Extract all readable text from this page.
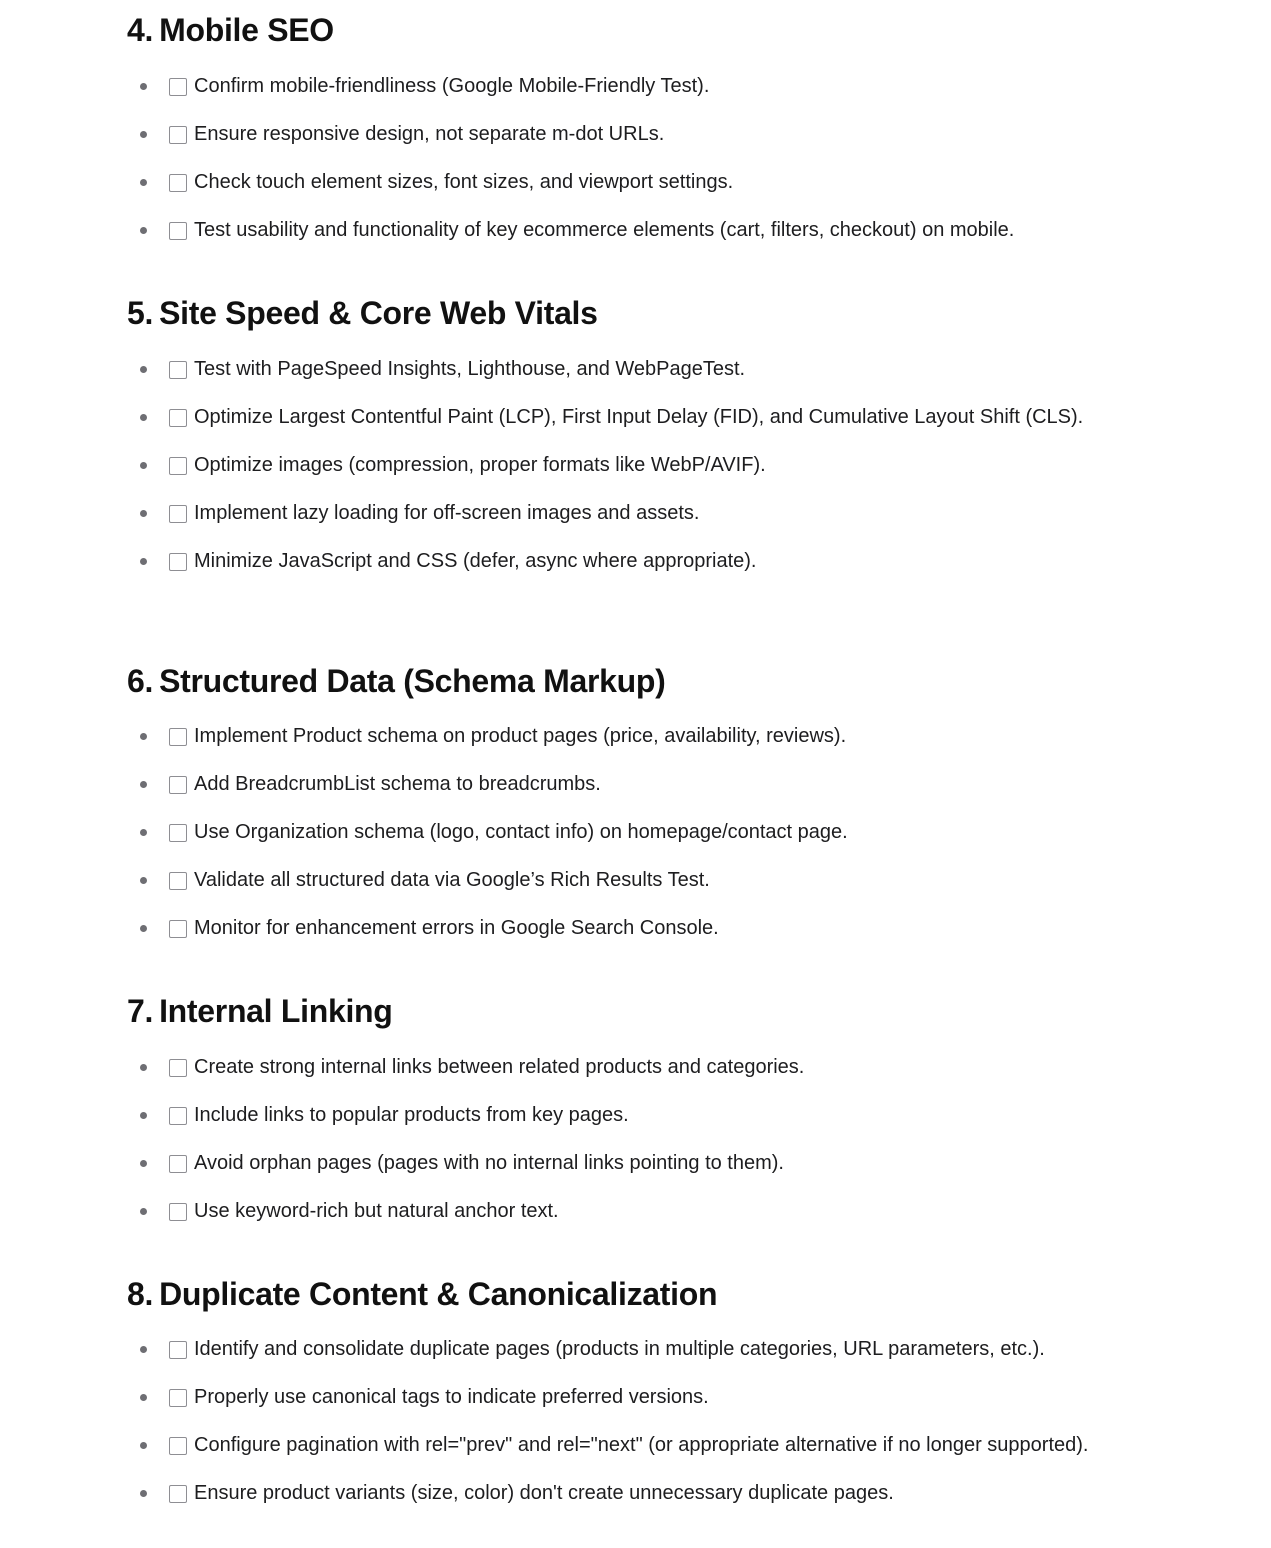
4. Mobile SEO
Confirm mobile-friendliness (Google Mobile-Friendly Test).
Ensure responsive design, not separate m-dot URLs.
Check touch element sizes, font sizes, and viewport settings.
Test usability and functionality of key ecommerce elements (cart, filters, checkout) on mobile.
5. Site Speed & Core Web Vitals
Test with PageSpeed Insights, Lighthouse, and WebPageTest.
Optimize Largest Contentful Paint (LCP), First Input Delay (FID), and Cumulative Layout Shift (CLS).
Optimize images (compression, proper formats like WebP/AVIF).
Implement lazy loading for off-screen images and assets.
Minimize JavaScript and CSS (defer, async where appropriate).
6. Structured Data (Schema Markup)
Implement Product schema on product pages (price, availability, reviews).
Add BreadcrumbList schema to breadcrumbs.
Use Organization schema (logo, contact info) on homepage/contact page.
Validate all structured data via Google’s Rich Results Test.
Monitor for enhancement errors in Google Search Console.
7. Internal Linking
Create strong internal links between related products and categories.
Include links to popular products from key pages.
Avoid orphan pages (pages with no internal links pointing to them).
Use keyword-rich but natural anchor text.
8. Duplicate Content & Canonicalization
Identify and consolidate duplicate pages (products in multiple categories, URL parameters, etc.).
Properly use canonical tags to indicate preferred versions.
Configure pagination with rel="prev" and rel="next" (or appropriate alternative if no longer supported).
Ensure product variants (size, color) don't create unnecessary duplicate pages.
